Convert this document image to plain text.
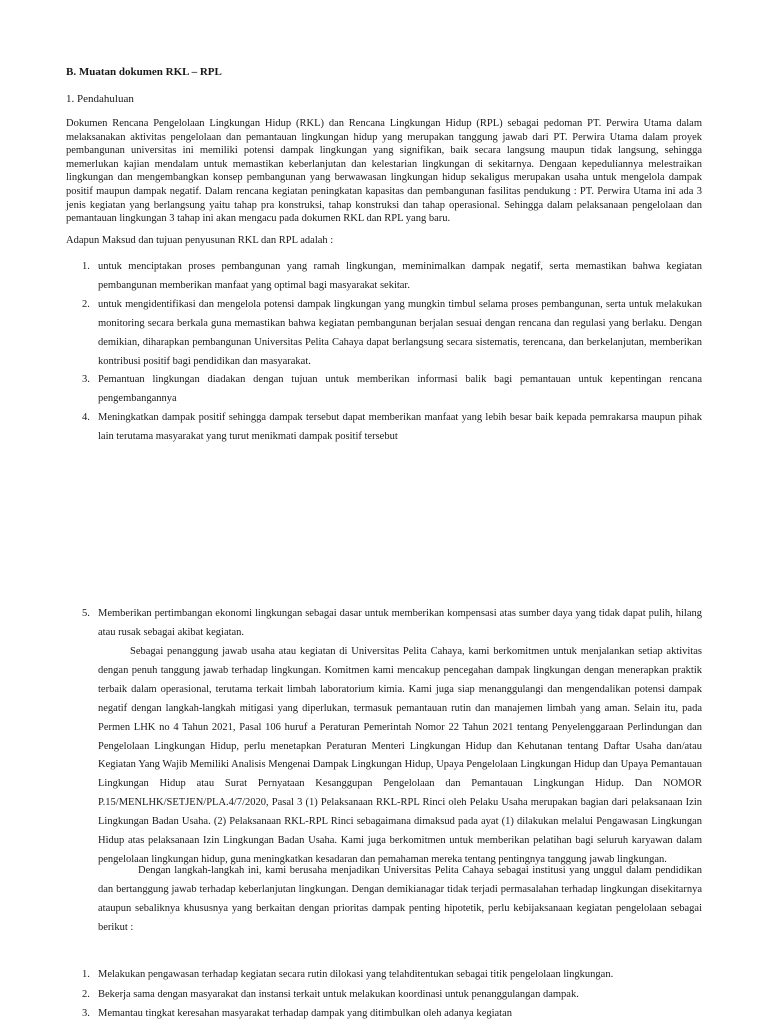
B. Muatan dokumen RKL – RPL
1. Pendahuluan
Dokumen Rencana Pengelolaan Lingkungan Hidup (RKL) dan Rencana Lingkungan Hidup (RPL) sebagai pedoman PT. Perwira Utama dalam melaksanakan aktivitas pengelolaan dan pemantauan lingkungan hidup yang merupakan tanggung jawab dari PT. Perwira Utama dalam proyek pembangunan universitas ini memiliki potensi dampak lingkungan yang signifikan, baik secara langsung maupun tidak langsung, sehingga memerlukan kajian mendalam untuk memastikan keberlanjutan dan kelestarian lingkungan di sekitarnya. Dengaan kepeduliannya melestraikan lingkungan dan mengembangkan konsep pembangunan yang berwawasan lingkungan hidup sekaligus merupakan usaha untuk mengelola dampak positif maupun dampak negatif. Dalam rencana kegiatan peningkatan kapasitas dan pembangunan fasilitas pendukung : PT. Perwira Utama ini ada 3 jenis kegiatan yang berlangsung yaitu tahap pra konstruksi, tahap konstruksi dan tahap operasional. Sehingga dalam pelaksanaan pengelolaan dan pemantauan lingkungan 3 tahap ini akan mengacu pada dokumen RKL dan RPL yang baru.
Adapun Maksud dan tujuan penyusunan RKL dan RPL adalah :
1. untuk menciptakan proses pembangunan yang ramah lingkungan, meminimalkan dampak negatif, serta memastikan bahwa kegiatan pembangunan memberikan manfaat yang optimal bagi masyarakat sekitar.
2. untuk mengidentifikasi dan mengelola potensi dampak lingkungan yang mungkin timbul selama proses pembangunan, serta untuk melakukan monitoring secara berkala guna memastikan bahwa kegiatan pembangunan berjalan sesuai dengan rencana dan regulasi yang berlaku. Dengan demikian, diharapkan pembangunan Universitas Pelita Cahaya dapat berlangsung secara sistematis, terencana, dan berkelanjutan, memberikan kontribusi positif bagi pendidikan dan masyarakat.
3. Pemantuan lingkungan diadakan dengan tujuan untuk memberikan informasi balik bagi pemantauan untuk kepentingan rencana pengembangannya
4. Meningkatkan dampak positif sehingga dampak tersebut dapat memberikan manfaat yang lebih besar baik kepada pemrakarsa maupun pihak lain terutama masyarakat yang turut menikmati dampak positif tersebut
5. Memberikan pertimbangan ekonomi lingkungan sebagai dasar untuk memberikan kompensasi atas sumber daya yang tidak dapat pulih, hilang atau rusak sebagai akibat kegiatan.
Sebagai penanggung jawab usaha atau kegiatan di Universitas Pelita Cahaya, kami berkomitmen untuk menjalankan setiap aktivitas dengan penuh tanggung jawab terhadap lingkungan. Komitmen kami mencakup pencegahan dampak lingkungan dengan menerapkan praktik terbaik dalam operasional, terutama terkait limbah laboratorium kimia. Kami juga siap menanggulangi dan mengendalikan potensi dampak negatif dengan langkah-langkah mitigasi yang diperlukan, termasuk pemantauan rutin dan manajemen limbah yang aman. Selain itu, pada Permen LHK no 4 Tahun 2021, Pasal 106 huruf a Peraturan Pemerintah Nomor 22 Tahun 2021 tentang Penyelenggaraan Perlindungan dan Pengelolaan Lingkungan Hidup, perlu menetapkan Peraturan Menteri Lingkungan Hidup dan Kehutanan tentang Daftar Usaha dan/atau Kegiatan Yang Wajib Memiliki Analisis Mengenai Dampak Lingkungan Hidup, Upaya Pengelolaan Lingkungan Hidup dan Upaya Pemantauan Lingkungan Hidup atau Surat Pernyataan Kesanggupan Pengelolaan dan Pemantauan Lingkungan Hidup. Dan NOMOR P.15/MENLHK/SETJEN/PLA.4/7/2020, Pasal 3 (1) Pelaksanaan RKL-RPL Rinci oleh Pelaku Usaha merupakan bagian dari pelaksanaan Izin Lingkungan Badan Usaha. (2) Pelaksanaan RKL-RPL Rinci sebagaimana dimaksud pada ayat (1) dilakukan melalui Pengawasan Lingkungan Hidup atas pelaksanaan Izin Lingkungan Badan Usaha. Kami juga berkomitmen untuk memberikan pelatihan bagi seluruh karyawan dalam pengelolaan lingkungan hidup, guna meningkatkan kesadaran dan pemahaman mereka tentang pentingnya tanggung jawab lingkungan.
Dengan langkah-langkah ini, kami berusaha menjadikan Universitas Pelita Cahaya sebagai institusi yang unggul dalam pendidikan dan bertanggung jawab terhadap keberlanjutan lingkungan. Dengan demikianagar tidak terjadi permasalahan terhadap lingkungan disekitarnya ataupun sebaliknya khususnya yang berkaitan dengan prioritas dampak penting hipotetik, perlu kebijaksanaan kegiatan pengelolaan sebagai berikut :
1. Melakukan pengawasan terhadap kegiatan secara rutin dilokasi yang telahditentukan sebagai titik pengelolaan lingkungan.
2. Bekerja sama dengan masyarakat dan instansi terkait untuk melakukan koordinasi untuk penanggulangan dampak.
3. Memantau tingkat keresahan masyarakat terhadap dampak yang ditimbulkan oleh adanya kegiatan
